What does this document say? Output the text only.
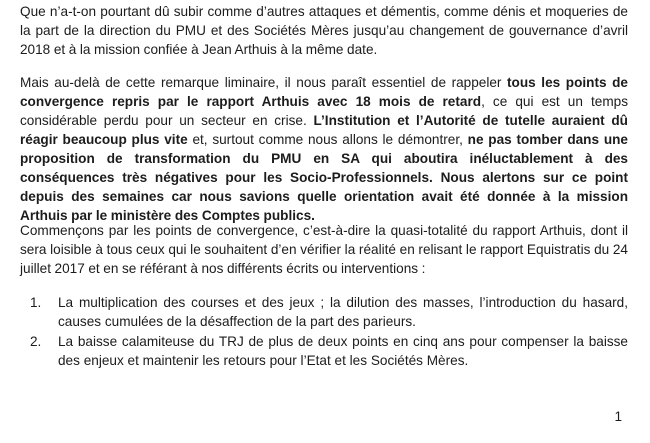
Que n’a-t-on pourtant dû subir comme d’autres attaques et démentis, comme dénis et moqueries de la part de la direction du PMU et des Sociétés Mères jusqu’au changement de gouvernance d’avril 2018 et à la mission confiée à Jean Arthuis à la même date.

Mais au-delà de cette remarque liminaire, il nous paraît essentiel de rappeler tous les points de convergence repris par le rapport Arthuis avec 18 mois de retard, ce qui est un temps considérable perdu pour un secteur en crise. L’Institution et l’Autorité de tutelle auraient dû réagir beaucoup plus vite et, surtout comme nous allons le démontrer, ne pas tomber dans une proposition de transformation du PMU en SA qui aboutira inéluctablement à des conséquences très négatives pour les Socio-Professionnels. Nous alertons sur ce point depuis des semaines car nous savions quelle orientation avait été donnée à la mission Arthuis par le ministère des Comptes publics.

Commençons par les points de convergence, c’est-à-dire la quasi-totalité du rapport Arthuis, dont il sera loisible à tous ceux qui le souhaitent d’en vérifier la réalité en relisant le rapport Equistratis du 24 juillet 2017 et en se référant à nos différents écrits ou interventions :

1. La multiplication des courses et des jeux ; la dilution des masses, l’introduction du hasard, causes cumulées de la désaffection de la part des parieurs.
2. La baisse calamiteuse du TRJ de plus de deux points en cinq ans pour compenser la baisse des enjeux et maintenir les retours pour l’Etat et les Sociétés Mères.
1
